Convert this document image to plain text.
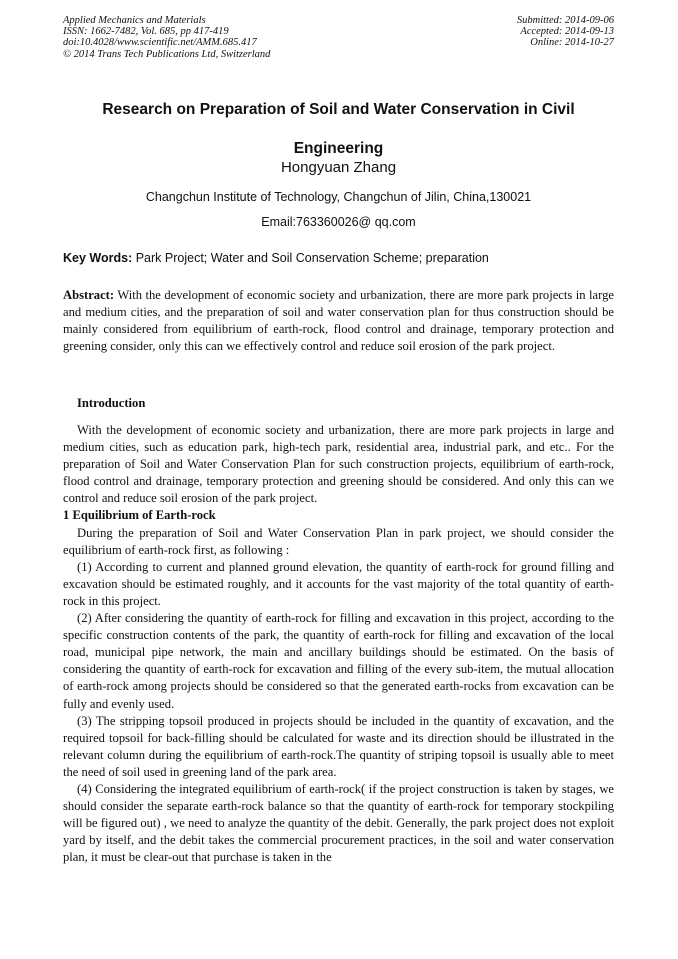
Applied Mechanics and Materials
ISSN: 1662-7482, Vol. 685, pp 417-419
doi:10.4028/www.scientific.net/AMM.685.417
© 2014 Trans Tech Publications Ltd, Switzerland
Submitted: 2014-09-06
Accepted: 2014-09-13
Online: 2014-10-27
Research on Preparation of Soil and Water Conservation in Civil Engineering
Hongyuan Zhang
Changchun Institute of Technology, Changchun of Jilin, China,130021
Email:763360026@ qq.com
Key Words: Park Project; Water and Soil Conservation Scheme; preparation

Abstract: With the development of economic society and urbanization, there are more park projects in large and medium cities, and the preparation of soil and water conservation plan for thus construction should be mainly considered from equilibrium of earth-rock, flood control and drainage, temporary protection and greening consider, only this can we effectively control and reduce soil erosion of the park project.

Introduction

With the development of economic society and urbanization, there are more park projects in large and medium cities, such as education park, high-tech park, residential area, industrial park, and etc.. For the preparation of Soil and Water Conservation Plan for such construction projects, equilibrium of earth-rock, flood control and drainage, temporary protection and greening should be considered. And only this can we control and reduce soil erosion of the park project.

1 Equilibrium of Earth-rock

During the preparation of Soil and Water Conservation Plan in park project, we should consider the equilibrium of earth-rock first, as following :

(1) According to current and planned ground elevation, the quantity of earth-rock for ground filling and excavation should be estimated roughly, and it accounts for the vast majority of the total quantity of earth-rock in this project.

(2) After considering the quantity of earth-rock for filling and excavation in this project, according to the specific construction contents of the park, the quantity of earth-rock for filling and excavation of the local road, municipal pipe network, the main and ancillary buildings should be estimated. On the basis of considering the quantity of earth-rock for excavation and filling of the every sub-item, the mutual allocation of earth-rock among projects should be considered so that the generated earth-rocks from excavation can be fully and evenly used.

(3) The stripping topsoil produced in projects should be included in the quantity of excavation, and the required topsoil for back-filling should be calculated for waste and its direction should be illustrated in the relevant column during the equilibrium of earth-rock.The quantity of striping topsoil is usually able to meet the need of soil used in greening land of the park area.

(4) Considering the integrated equilibrium of earth-rock( if the project construction is taken by stages, we should consider the separate earth-rock balance so that the quantity of earth-rock for temporary stockpiling will be figured out) , we need to analyze the quantity of the debit. Generally, the park project does not exploit yard by itself, and the debit takes the commercial procurement practices, in the soil and water conservation plan, it must be clear-out that purchase is taken in the
